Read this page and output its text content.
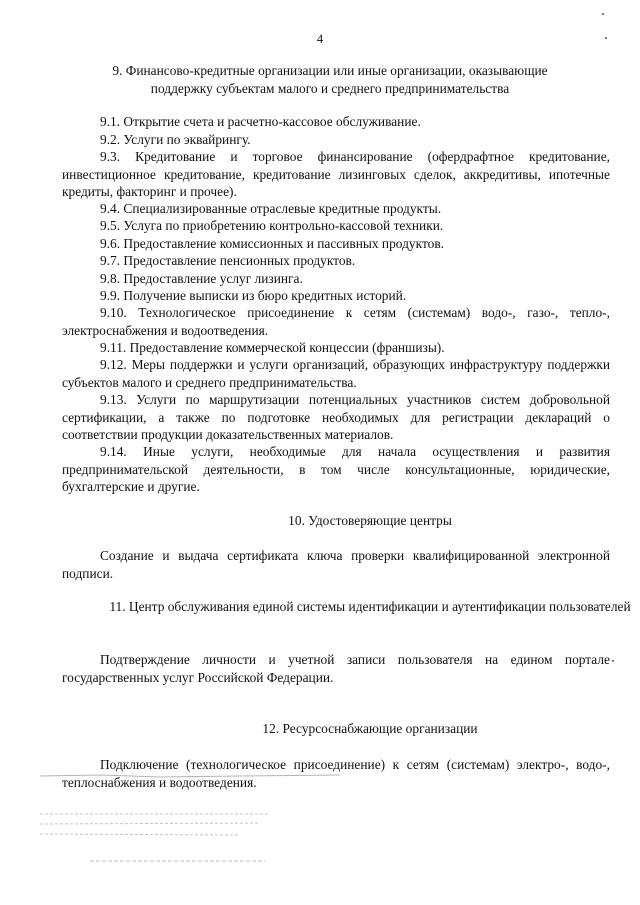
4
9. Финансово-кредитные организации или иные организации, оказывающие поддержку субъектам малого и среднего предпринимательства

9.1. Открытие счета и расчетно-кассовое обслуживание.

9.2. Услуги по эквайрингу.

9.3. Кредитование и торговое финансирование (офердрафтное кредитование, инвестиционное кредитование, кредитование лизинговых сделок, аккредитивы, ипотечные кредиты, факторинг и прочее).

9.4. Специализированные отраслевые кредитные продукты.

9.5. Услуга по приобретению контрольно-кассовой техники.

9.6. Предоставление комиссионных и пассивных продуктов.

9.7. Предоставление пенсионных продуктов.

9.8. Предоставление услуг лизинга.

9.9. Получение выписки из бюро кредитных историй.

9.10. Технологическое присоединение к сетям (системам) водо-, газо-, тепло-, электроснабжения и водоотведения.

9.11. Предоставление коммерческой концессии (франшизы).

9.12. Меры поддержки и услуги организаций, образующих инфраструктуру поддержки субъектов малого и среднего предпринимательства.

9.13. Услуги по маршрутизации потенциальных участников систем добровольной сертификации, а также по подготовке необходимых для регистрации деклараций о соответствии продукции доказательственных материалов.

9.14. Иные услуги, необходимые для начала осуществления и развития предпринимательской деятельности, в том числе консультационные, юридические, бухгалтерские и другие.

10. Удостоверяющие центры

Создание и выдача сертификата ключа проверки квалифицированной электронной подписи.

11. Центр обслуживания единой системы идентификации и аутентификации пользователей

Подтверждение личности и учетной записи пользователя на едином портале государственных услуг Российской Федерации.

12. Ресурсоснабжающие организации

Подключение (технологическое присоединение) к сетям (системам) электро-, водо-, теплоснабжения и водоотведения.
